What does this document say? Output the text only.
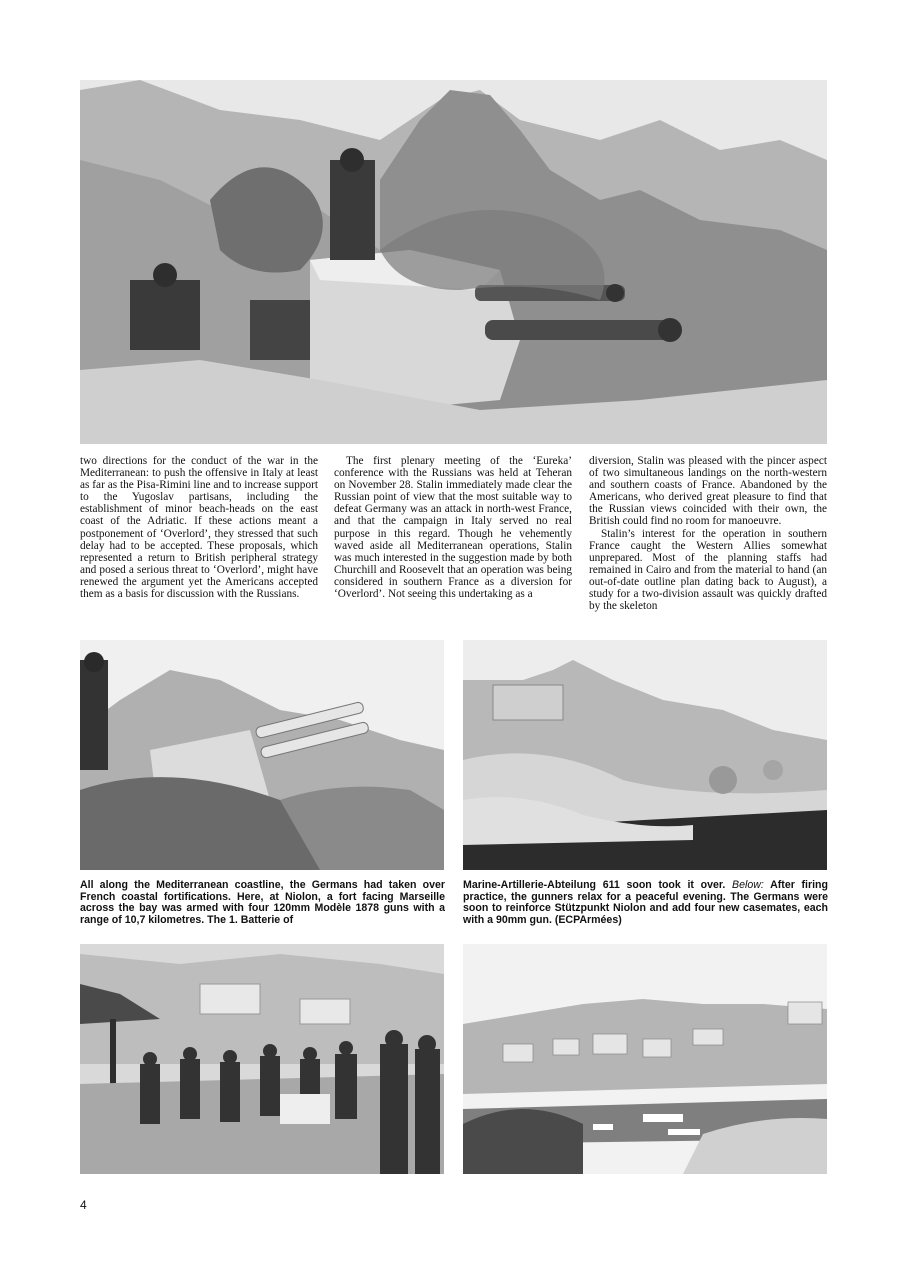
two directions for the conduct of the war in the Mediterranean: to push the offensive in Italy at least as far as the Pisa-Rimini line and to increase support to the Yugoslav partisans, including the establishment of minor beach-heads on the east coast of the Adriatic. If these actions meant a postponement of ‘Overlord’, they stressed that such delay had to be accepted. These proposals, which represented a return to British peripheral strategy and posed a serious threat to ‘Overlord’, might have renewed the argument yet the Americans accepted them as a basis for discussion with the Russians.

The first plenary meeting of the ‘Eureka’ conference with the Russians was held at Teheran on November 28. Stalin immediately made clear the Russian point of view that the most suitable way to defeat Germany was an attack in north-west France, and that the campaign in Italy served no real purpose in this regard. Though he vehemently waved aside all Mediterranean operations, Stalin was much interested in the suggestion made by both Churchill and Roosevelt that an operation was being considered in southern France as a diversion for ‘Overlord’. Not seeing this undertaking as a

diversion, Stalin was pleased with the pincer aspect of two simultaneous landings on the north-western and southern coasts of France. Abandoned by the Americans, who derived great pleasure to find that the Russian views coincided with their own, the British could find no room for manoeuvre.

Stalin’s interest for the operation in southern France caught the Western Allies somewhat unprepared. Most of the planning staffs had remained in Cairo and from the material to hand (an out-of-date outline plan dating back to August), a study for a two-division assault was quickly drafted by the skeleton

All along the Mediterranean coastline, the Germans had taken over French coastal fortifications. Here, at Niolon, a fort facing Marseille across the bay was armed with four 120mm Modèle 1878 guns with a range of 10,7 kilometres. The 1. Batterie of
Marine-Artillerie-Abteilung 611 soon took it over. Below: After firing practice, the gunners relax for a peaceful evening. The Germans were soon to reinforce Stützpunkt Niolon and add four new casemates, each with a 90mm gun. (ECPArmées)
4
